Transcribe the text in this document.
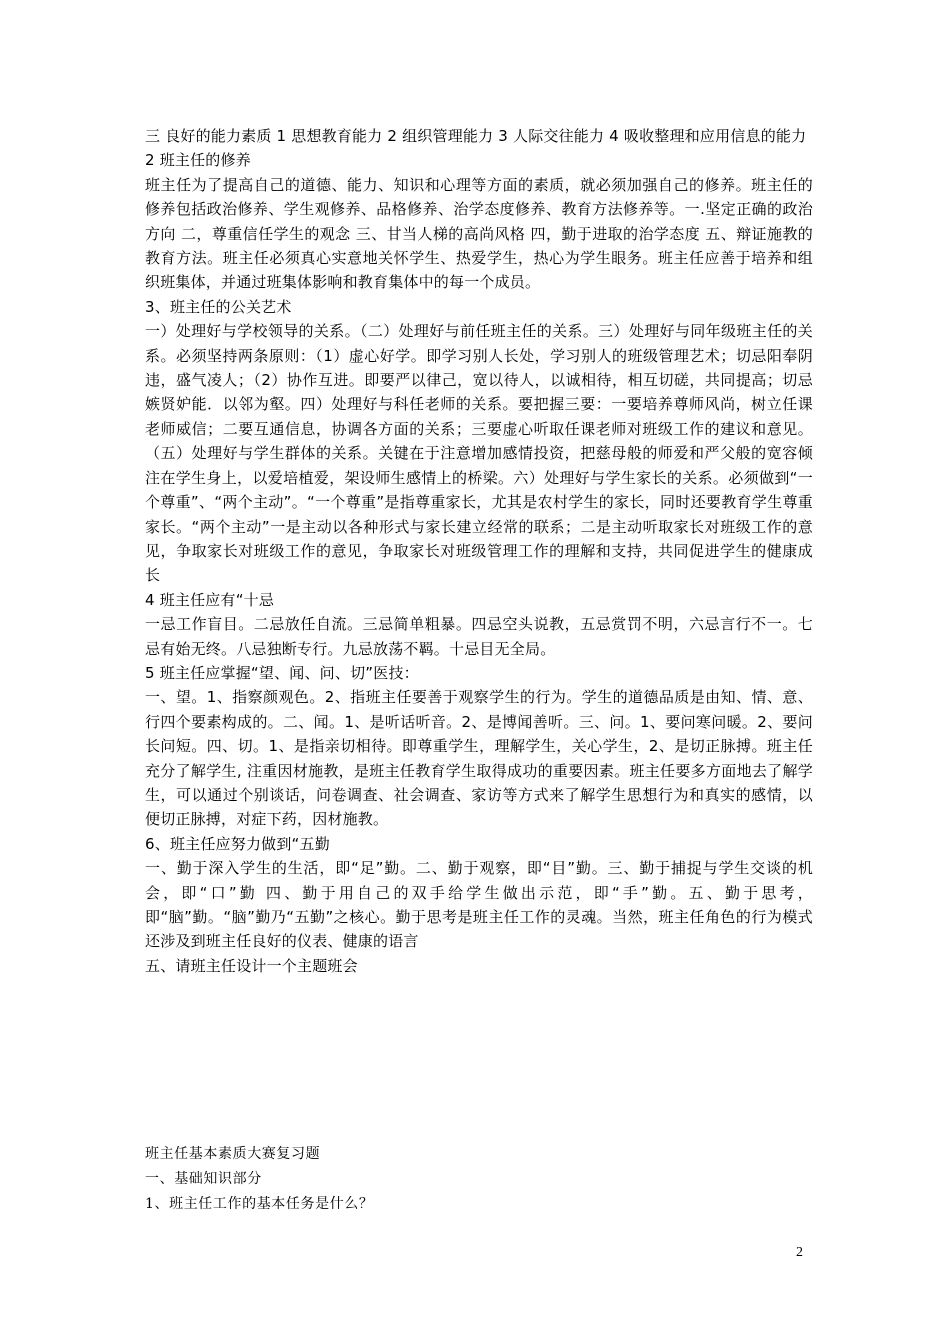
三 良好的能力素质 1 思想教育能力 2 组织管理能力 3 人际交往能力 4 吸收整理和应用信息的能力

2 班主任的修养

班主任为了提高自己的道德、能力、知识和心理等方面的素质，就必须加强自己的修养。班主任的修养包括政治修养、学生观修养、品格修养、治学态度修养、教育方法修养等。一.坚定正确的政治方向 二，尊重信任学生的观念 三、甘当人梯的高尚风格 四，勤于进取的治学态度 五、辩证施教的教育方法。班主任必须真心实意地关怀学生、热爱学生，热心为学生眼务。班主任应善于培养和组织班集体，并通过班集体影响和教育集体中的每一个成员。

3、班主任的公关艺术

一）处理好与学校领导的关系。（二）处理好与前任班主任的关系。三）处理好与同年级班主任的关系。必须坚持两条原则：（1）虚心好学。即学习别人长处，学习别人的班级管理艺术；切忌阳奉阴违，盛气凌人；（2）协作互进。即要严以律己，宽以待人，以诚相待，相互切磋，共同提高；切忌嫉贤妒能．以邻为壑。四）处理好与科任老师的关系。要把握三要：一要培养尊师风尚，树立任课老师威信；二要互通信息，协调各方面的关系；三要虚心听取任课老师对班级工作的建议和意见。（五）处理好与学生群体的关系。关键在于注意增加感情投资，把慈母般的师爱和严父般的宽容倾注在学生身上，以爱培植爱，架设师生感情上的桥梁。六）处理好与学生家长的关系。必须做到“一个尊重”、“两个主动”。“一个尊重”是指尊重家长，尤其是农村学生的家长，同时还要教育学生尊重家长。“两个主动”一是主动以各种形式与家长建立经常的联系；二是主动听取家长对班级工作的意见，争取家长对班级工作的意见，争取家长对班级管理工作的理解和支持，共同促进学生的健康成长

4 班主任应有“十忌

一忌工作盲目。二忌放任自流。三忌简单粗暴。四忌空头说教，五忌赏罚不明，六忌言行不一。七忌有始无终。八忌独断专行。九忌放荡不羁。十忌目无全局。

5 班主任应掌握“望、闻、问、切”医技：

一、望。1、指察颜观色。2、指班主任要善于观察学生的行为。学生的道德品质是由知、情、意、行四个要素构成的。二、闻。1、是听话听音。2、是博闻善听。三、问。1、要问寒问暖。2、要问长问短。四、切。1、是指亲切相待。即尊重学生，理解学生，关心学生，2、是切正脉搏。班主任充分了解学生, 注重因材施教，是班主任教育学生取得成功的重要因素。班主任要多方面地去了解学生，可以通过个别谈话，问卷调查、社会调查、家访等方式来了解学生思想行为和真实的感情，以便切正脉搏，对症下药，因材施教。

6、班主任应努力做到“五勤

一、勤于深入学生的生活，即“足”勤。二、勤于观察，即“目”勤。三、勤于捕捉与学生交谈的机会，即“口”勤 四、勤于用自己的双手给学生做出示范，即“手”勤。五、勤于思考，即“脑”勤。“脑”勤乃“五勤”之核心。勤于思考是班主任工作的灵魂。当然，班主任角色的行为模式还涉及到班主任良好的仪表、健康的语言

五、请班主任设计一个主题班会

班主任基本素质大赛复习题

一、基础知识部分

1、班主任工作的基本任务是什么？

2
